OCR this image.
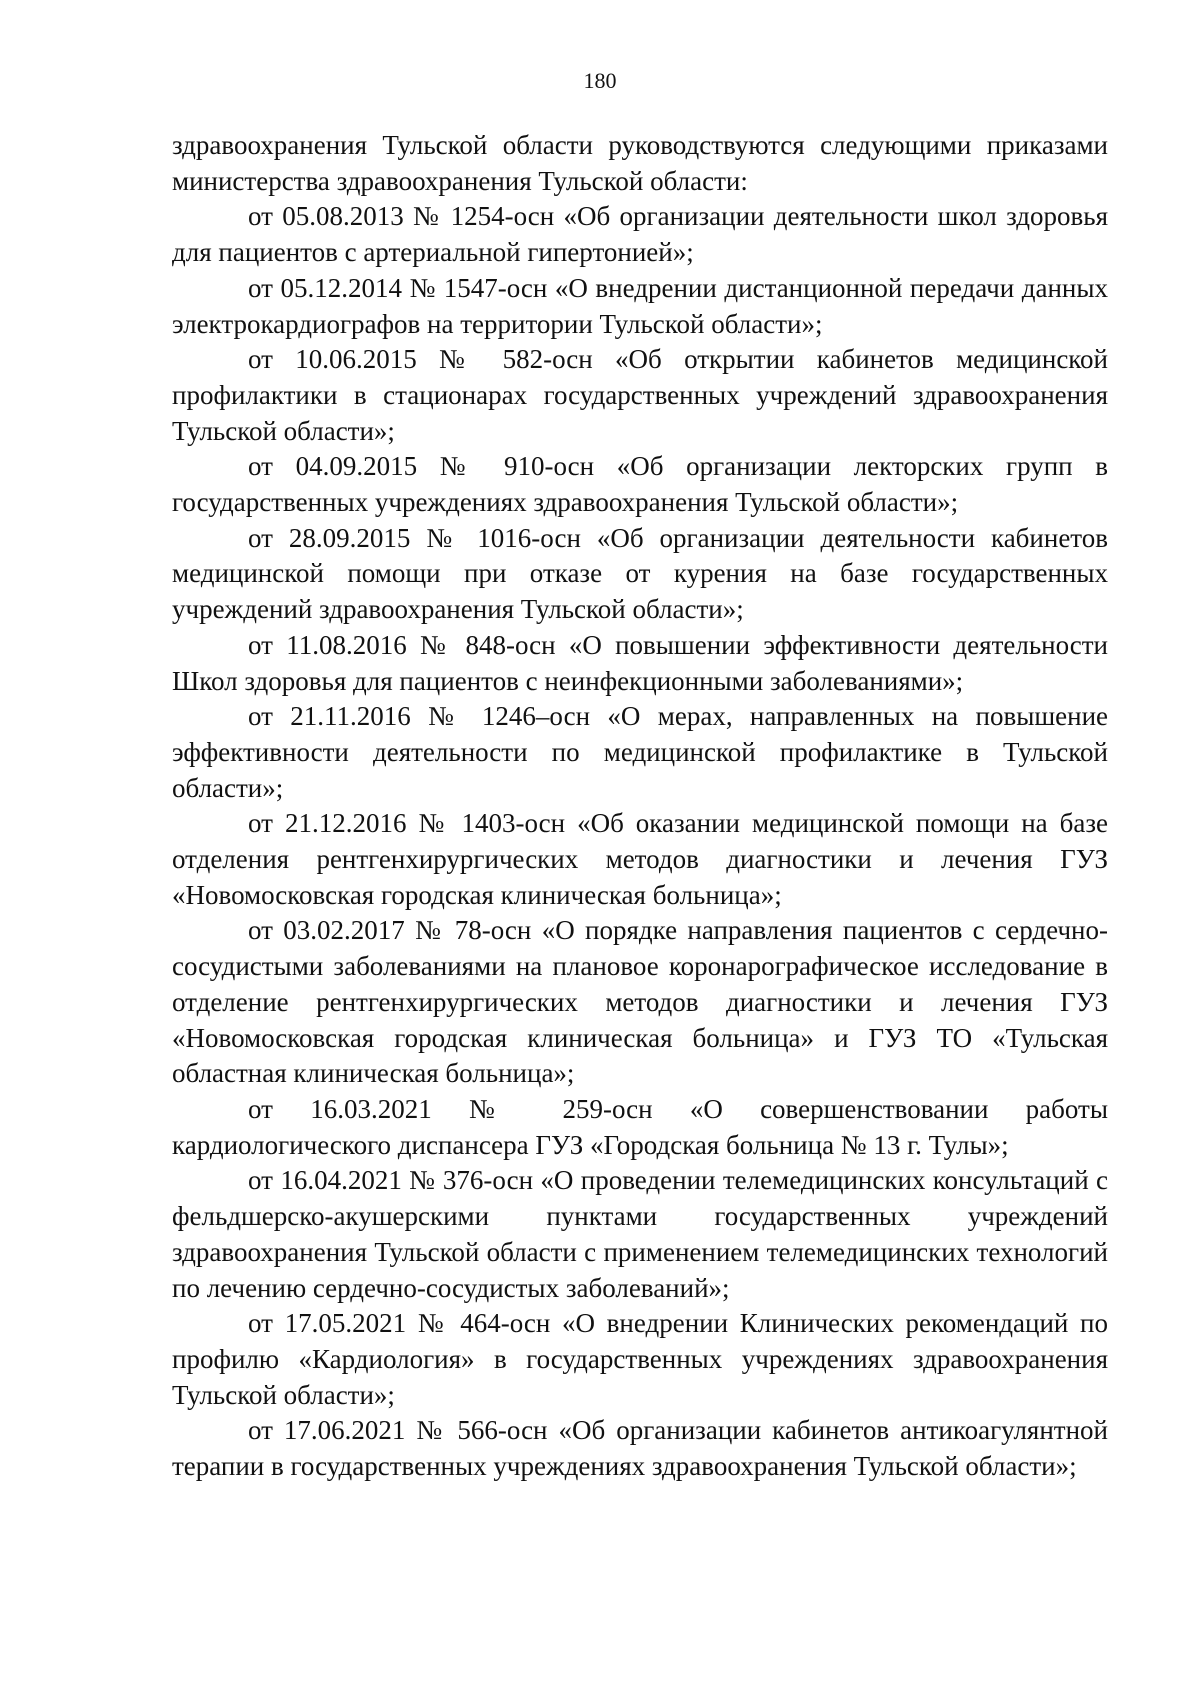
180

здравоохранения Тульской области руководствуются следующими приказами министерства здравоохранения Тульской области:

от 05.08.2013 № 1254-осн «Об организации деятельности школ здоровья для пациентов с артериальной гипертонией»;

от 05.12.2014 № 1547-осн «О внедрении дистанционной передачи данных электрокардиографов на территории Тульской области»;

от 10.06.2015 № 582-осн «Об открытии кабинетов медицинской профилактики в стационарах государственных учреждений здравоохранения Тульской области»;

от 04.09.2015 № 910-осн «Об организации лекторских групп в государственных учреждениях здравоохранения Тульской области»;

от 28.09.2015 № 1016-осн «Об организации деятельности кабинетов медицинской помощи при отказе от курения на базе государственных учреждений здравоохранения Тульской области»;

от 11.08.2016 № 848-осн «О повышении эффективности деятельности Школ здоровья для пациентов с неинфекционными заболеваниями»;

от 21.11.2016 № 1246–осн «О мерах, направленных на повышение эффективности деятельности по медицинской профилактике в Тульской области»;

от 21.12.2016 № 1403-осн «Об оказании медицинской помощи на базе отделения рентгенхирургических методов диагностики и лечения ГУЗ «Новомосковская городская клиническая больница»;

от 03.02.2017 № 78-осн «О порядке направления пациентов с сердечно-сосудистыми заболеваниями на плановое коронарографическое исследование в отделение рентгенхирургических методов диагностики и лечения ГУЗ «Новомосковская городская клиническая больница» и ГУЗ ТО «Тульская областная клиническая больница»;

от 16.03.2021 № 259-осн «О совершенствовании работы кардиологического диспансера ГУЗ «Городская больница № 13 г. Тулы»;

от 16.04.2021 № 376-осн «О проведении телемедицинских консультаций с фельдшерско-акушерскими пунктами государственных учреждений здравоохранения Тульской области с применением телемедицинских технологий по лечению сердечно-сосудистых заболеваний»;

от 17.05.2021 № 464-осн «О внедрении Клинических рекомендаций по профилю «Кардиология» в государственных учреждениях здравоохранения Тульской области»;

от 17.06.2021 № 566-осн «Об организации кабинетов антикоагулянтной терапии в государственных учреждениях здравоохранения Тульской области»;
